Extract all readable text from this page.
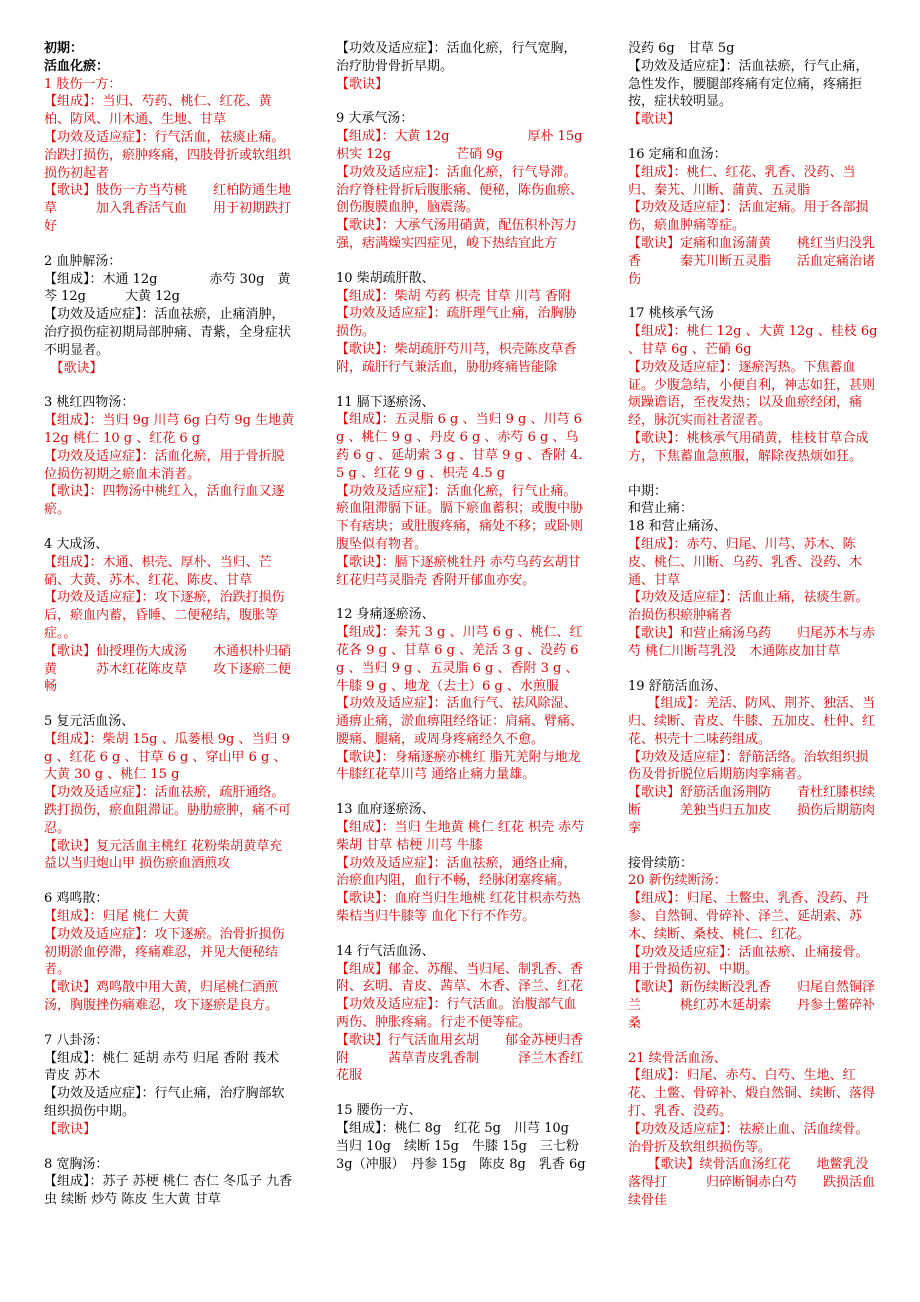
初期：
活血化瘀：
1 肢伤一方：
【组成】：当归、芍药、桃仁、红花、黄柏、防风、川木通、生地、甘草
【功效及适应症】：行气活血，祛痰止痛。治跌打损伤，瘀肿疼痛，四肢骨折或软组织损伤初起者
【歌诀】肢伤一方当芍桃　　红柏防通生地草　　　加入乳香活气血　　用于初期跌打好
2 血肿解汤：
【组成】：木通 12g　　　　赤芍 30g　黄芩 12g　　　大黄 12g
【功效及适应症】：活血祛瘀，止痛消肿，治疗损伤症初期局部肿痛、青紫，全身症状不明显者。
　【歌诀】
3 桃红四物汤：
【组成】：当归 9g 川芎 6g 白芍 9g 生地黄 12g 桃仁 10 g 、红花 6 g
【功效及适应症】：活血化瘀，用于骨折脱位损伤初期之瘀血未消者。
【歌诀】：四物汤中桃红入，活血行血又逐瘀。
4 大成汤、
【组成】：木通、枳壳、厚朴、当归、芒硝、大黄、苏木、红花、陈皮、甘草
【功效及适应症】：攻下逐瘀，治跌打损伤后，瘀血内蓄，昏睡、二便秘结，腹胀等症。。
【歌诀】仙授理伤大成汤　　木通枳朴归硝黄　　　苏木红花陈皮草　　攻下逐瘀二便畅
5 复元活血汤、
【组成】：柴胡 15g 、瓜蒌根 9g 、当归 9 g 、红花 6 g 、甘草 6 g 、穿山甲 6 g 、大黄 30 g 、桃仁 15 g
【功效及适应症】：活血祛瘀，疏肝通络。跌打损伤，瘀血阻滞证。胁肋瘀肿，痛不可忍。
【歌诀】复元活血主桃红 花粉柴胡黄草充 益以当归炮山甲 损伤瘀血酒煎攻
6 鸡鸣散：
【组成】：归尾 桃仁 大黄
【功效及适应症】：攻下逐瘀。治骨折损伤初期淤血停滞，疼痛难忍，并见大便秘结者。
【歌诀】鸡鸣散中用大黄，归尾桃仁酒煎汤，胸腹挫伤痛难忍，攻下逐瘀是良方。
7 八卦汤：
【组成】：桃仁 延胡 赤芍 归尾 香附 莪术 青皮 苏木
【功效及适应症】：行气止痛，治疗胸部软组织损伤中期。
【歌诀】
8 宽胸汤：
【组成】：苏子 苏梗 桃仁 杏仁 冬瓜子 九香虫 续断 炒芍 陈皮 生大黄 甘草
【功效及适应症】：活血化瘀，行气宽胸，治疗肋骨骨折早期。
【歌诀】
9 大承气汤：
【组成】：大黄 12g　　　　　　厚朴 15g　　　　枳实 12g　　　　　芒硝 9g
【功效及适应症】：活血化瘀，行气导滞。治疗脊柱骨折后腹胀痛、便秘，陈伤血瘀、创伤腹膜血肿，脑震荡。
【歌诀】：大承气汤用硝黄，配伍积朴泻力强，痞满燥实四症见，峻下热结宜此方
10 柴胡疏肝散、
【组成】：柴胡 芍药 枳壳 甘草 川芎 香附
【功效及适应症】：疏肝理气止痛，治胸胁损伤。
【歌诀】：柴胡疏肝芍川芎，枳壳陈皮草香附，疏肝行气兼活血，胁肋疼痛皆能除
11 膈下逐瘀汤、
【组成】：五灵脂 6 g 、当归 9 g 、川芎 6 g 、桃仁 9 g 、丹皮 6 g 、赤芍 6 g 、乌药 6 g 、延胡索 3 g 、甘草 9 g 、香附 4.5 g 、红花 9 g 、枳壳 4.5 g
【功效及适应症】：活血化瘀，行气止痛。瘀血阻滞膈下证。膈下瘀血蓄积；或腹中胁下有痞块；或肚腹疼痛，痛处不移；或卧则腹坠似有物者。
【歌诀】：膈下逐瘀桃牡丹 赤芍乌药玄胡甘 红花归芎灵脂壳 香附开郁血亦安。
12 身痛逐瘀汤、
【组成】：秦艽 3 g 、川芎 6 g 、桃仁、红花各 9 g 、甘草 6 g 、羌活 3 g 、没药 6 g 、当归 9 g 、五灵脂 6 g 、香附 3 g 、牛膝 9 g 、地龙（去土）6 g 、水煎服
【功效及适应症】：活血行气、祛风除湿、通痹止痛，淤血痹阻经络证：肩痛、臂痛、腰痛、腿痛，或周身疼痛经久不愈。
【歌诀】：身痛逐瘀亦桃红 脂艽羌附与地龙 牛膝红花草川芎 通络止痛力量雄。
13 血府逐瘀汤、
【组成】：当归 生地黄 桃仁 红花 枳壳 赤芍 柴胡 甘草 桔梗 川芎 牛膝
【功效及适应症】：活血祛瘀，通络止痛，治瘀血内阻，血行不畅，经脉闭塞疼痛。
【歌诀】：血府当归生地桃 红花甘枳赤芍热 柴桔当归牛膝等 血化下行不作劳。
14 行气活血汤、
【组成】郁金、苏醒、当归尾、制乳香、香附、玄明、青皮、茜草、木香、泽兰、红花
【功效及适应症】：行气活血。治腹部气血两伤、肿胀疼痛。行走不便等症。
【歌诀】行气活血用玄胡　　郁金苏梗归香附　　　茜草青皮乳香制　　　泽兰木香红花服
15 腰伤一方、
【组成】：桃仁 8g　红花 5g　川芎 10g　当归 10g　续断 15g　牛膝 15g　三七粉 3g（冲服）　丹参 15g　陈皮 8g　乳香 6g
没药 6g　甘草 5g
【功效及适应症】：活血祛瘀，行气止痛，急性发作，腰腿部疼痛有定位痛，疼痛拒按，症状较明显。
【歌诀】
16 定痛和血汤：
【组成】：桃仁、红花、乳香、没药、当归、秦艽、川断、蒲黄、五灵脂
【功效及适应症】：活血定痛。用于各部损伤，瘀血肿痛等症。
【歌诀】定痛和血汤蒲黄　　桃红当归没乳香　　　秦艽川断五灵脂　　活血定痛治诸伤
17 桃核承气汤
【组成】：桃仁 12g 、大黄 12g 、桂枝 6g 、甘草 6g 、芒硝 6g
【功效及适应症】：逐瘀泻热。下焦蓄血证。少腹急结，小便自利，神志如狂，甚则烦躁谵语，至夜发热；以及血瘀经闭，痛经，脉沉实而社者涩者。
【歌诀】：桃核承气用硝黄，桂枝甘草合成方，下焦蓄血急煎服，解除夜热烦如狂。
中期：
和营止痛：
18 和营止痛汤、
【组成】：赤芍、归尾、川芎、苏木、陈皮、桃仁、川断、乌药、乳香、没药、木通、甘草
【功效及适应症】：活血止痛，祛痰生新。治损伤积瘀肿痛者
【歌诀】和营止痛汤乌药　　归尾苏木与赤芍 桃仁川断芎乳没　木通陈皮加甘草
19 舒筋活血汤、
　　【组成】：羌活、防风、荆芥、独活、当归、续断、青皮、牛膝、五加皮、杜仲、红花、枳壳十二味药组成。
【功效及适应症】：舒筋活络。治软组织损伤及骨折脱位后期筋肉挛痛者。
【歌诀】舒筋活血汤荆防　　青杜红膝枳续断　　　羌独当归五加皮　　损伤后期筋肉挛
接骨续筋：
20 新伤续断汤：
【组成】：归尾、土鳖虫、乳香、没药、丹参、自然铜、骨碎补、泽兰、延胡索、苏木、续断、桑枝、桃仁、红花。
【功效及适应症】：活血祛瘀、止痛接骨。用于骨损伤初、中期。
【歌诀】新伤续断没乳香　　归尾自然铜泽兰　　　桃红苏木延胡索　　丹参土鳖碎补桑
21 续骨活血汤、
【组成】：归尾、赤芍、白芍、生地、红花、土鳖、骨碎补、煅自然铜、续断、落得打、乳香、没药。
【功效及适应症】：祛瘀止血、活血续骨。治骨折及软组织损伤等。
　　【歌诀】续骨活血汤红花　　地鳖乳没落得打　　　归碎断铜赤白芍　　跌损活血续骨佳
